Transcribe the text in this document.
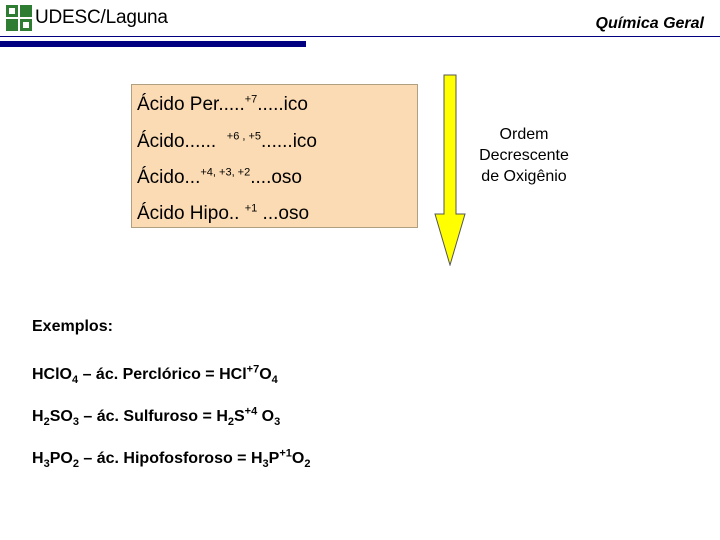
UDESC/Laguna	Química Geral
Ácido Per.....$^{+7}$.....ico
Ácido......  $^{+6 , +5}$......ico
Ácido...$^{+4, +3, +2}$....oso
Ácido Hipo.. $^{+1}$ ...oso
Ordem
Decrescente
de Oxigênio
Exemplos:
HClO$_4$ – ác. Perclórico = $HCl^{+7}O_4$
$H_2SO_3$ – ác. Sulfuroso = $H_2S^{+4}$ $O_3$
$H_3PO_2$ – ác. Hipofosforoso = $H_3P^{+1}O_2$
